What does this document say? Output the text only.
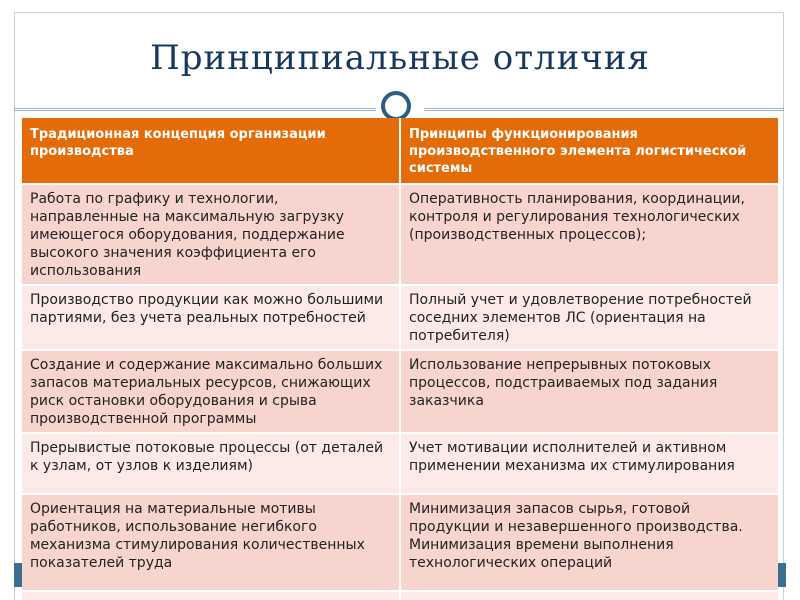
Принципиальные отличия
Традиционная концепция организации производства	Принципы функционирования производственного элемента логистической системы
Работа по графику и технологии, направленные на максимальную загрузку имеющегося оборудования, поддержание высокого значения коэффициента его использования	Оперативность планирования, координации, контроля и регулирования технологических (производственных процессов);
Производство продукции как можно большими партиями, без учета реальных потребностей	Полный учет и удовлетворение потребностей соседних элементов ЛС (ориентация на потребителя)
Создание и содержание максимально больших запасов материальных ресурсов, снижающих риск остановки оборудования и срыва производственной программы	Использование непрерывных потоковых процессов, подстраиваемых под задания заказчика
Прерывистые потоковые процессы (от деталей к узлам, от узлов к изделиям)	Учет мотивации исполнителей и активном применении механизма их стимулирования
Ориентация на материальные мотивы работников, использование негибкого механизма стимулирования количественных показателей труда	Минимизация запасов сырья, готовой продукции и незавершенного производства. Минимизация времени выполнения технологических операций
